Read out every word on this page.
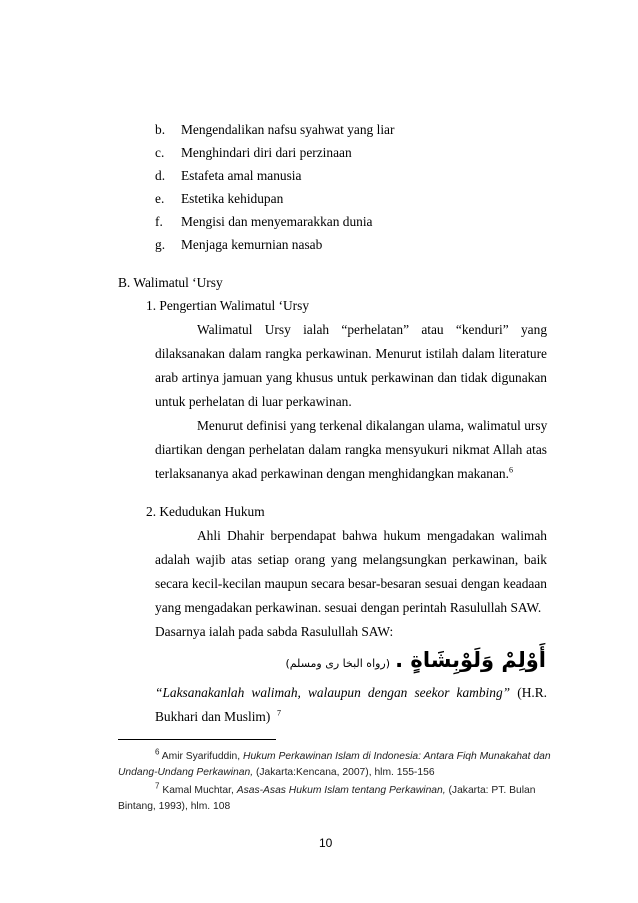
b. Mengendalikan nafsu syahwat yang liar
c. Menghindari diri dari perzinaan
d. Estafeta amal manusia
e. Estetika kehidupan
f. Mengisi dan menyemarakkan dunia
g. Menjaga kemurnian nasab
B. Walimatul ‘Ursy
1. Pengertian Walimatul ‘Ursy
Walimatul Ursy ialah “perhelatan” atau “kenduri” yang
dilaksanakan dalam rangka perkawinan. Menurut istilah dalam literature
arab artinya jamuan yang khusus untuk perkawinan dan tidak digunakan
untuk perhelatan di luar perkawinan.
Menurut definisi yang terkenal dikalangan ulama, walimatul ursy
diartikan dengan perhelatan dalam rangka mensyukuri nikmat Allah atas
terlaksananya akad perkawinan dengan menghidangkan makanan.$^6$
2. Kedudukan Hukum
Ahli Dhahir berpendapat bahwa hukum mengadakan walimah
adalah wajib atas setiap orang yang melangsungkan perkawinan, baik
secara kecil-kecilan maupun secara besar-besaran sesuai dengan keadaan
yang mengadakan perkawinan. sesuai dengan perintah Rasulullah SAW.
Dasarnya ialah pada sabda Rasulullah SAW:
أَوْلِمْ وَلَوْبِشَاةٍ . (رواه البخا رى ومسلم)
“Laksanakanlah walimah, walaupun dengan seekor kambing” (H.R.
Bukhari dan Muslim) $^7$
$^6$ Amir Syarifuddin, Hukum Perkawinan Islam di Indonesia: Antara Fiqh Munakahat dan
Undang-Undang Perkawinan, (Jakarta:Kencana, 2007), hlm. 155-156
$^7$ Kamal Muchtar, Asas-Asas Hukum Islam tentang Perkawinan, (Jakarta: PT. Bulan
Bintang, 1993), hlm. 108
10
